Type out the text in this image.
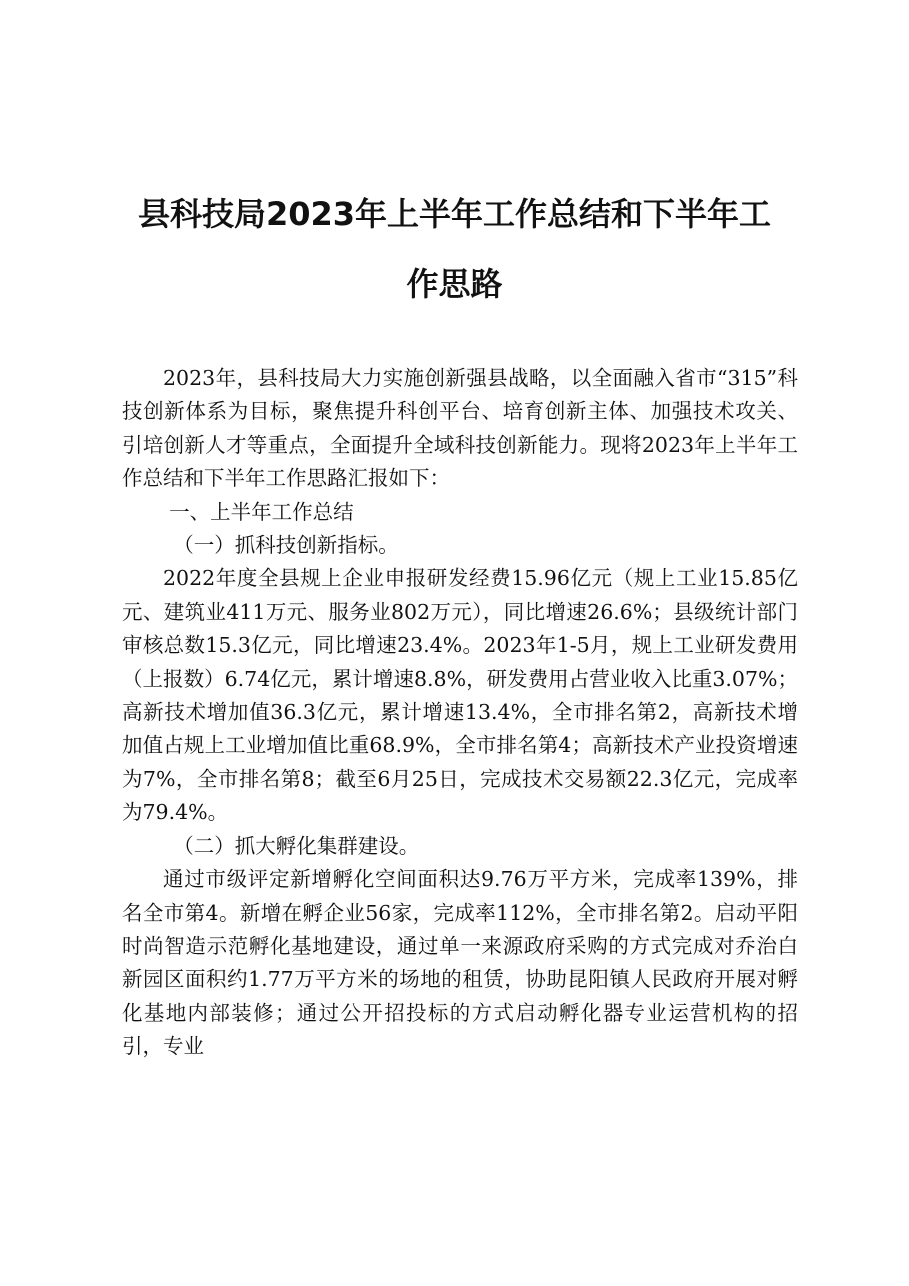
县科技局2023年上半年工作总结和下半年工
作思路

2023年，县科技局大力实施创新强县战略，以全面融入省市“315”科技创新体系为目标，聚焦提升科创平台、培育创新主体、加强技术攻关、引培创新人才等重点，全面提升全域科技创新能力。现将2023年上半年工作总结和下半年工作思路汇报如下：

一、上半年工作总结

（一）抓科技创新指标。

2022年度全县规上企业申报研发经费15.96亿元（规上工业15.85亿元、建筑业411万元、服务业802万元），同比增速26.6%；县级统计部门审核总数15.3亿元，同比增速23.4%。2023年1-5月，规上工业研发费用（上报数）6.74亿元，累计增速8.8%，研发费用占营业收入比重3.07%；高新技术增加值36.3亿元，累计增速13.4%，全市排名第2，高新技术增加值占规上工业增加值比重68.9%，全市排名第4；高新技术产业投资增速为7%，全市排名第8；截至6月25日，完成技术交易额22.3亿元，完成率为79.4%。

（二）抓大孵化集群建设。

通过市级评定新增孵化空间面积达9.76万平方米，完成率139%，排名全市第4。新增在孵企业56家，完成率112%，全市排名第2。启动平阳时尚智造示范孵化基地建设，通过单一来源政府采购的方式完成对乔治白新园区面积约1.77万平方米的场地的租赁，协助昆阳镇人民政府开展对孵化基地内部装修；通过公开招投标的方式启动孵化器专业运营机构的招引，专业
